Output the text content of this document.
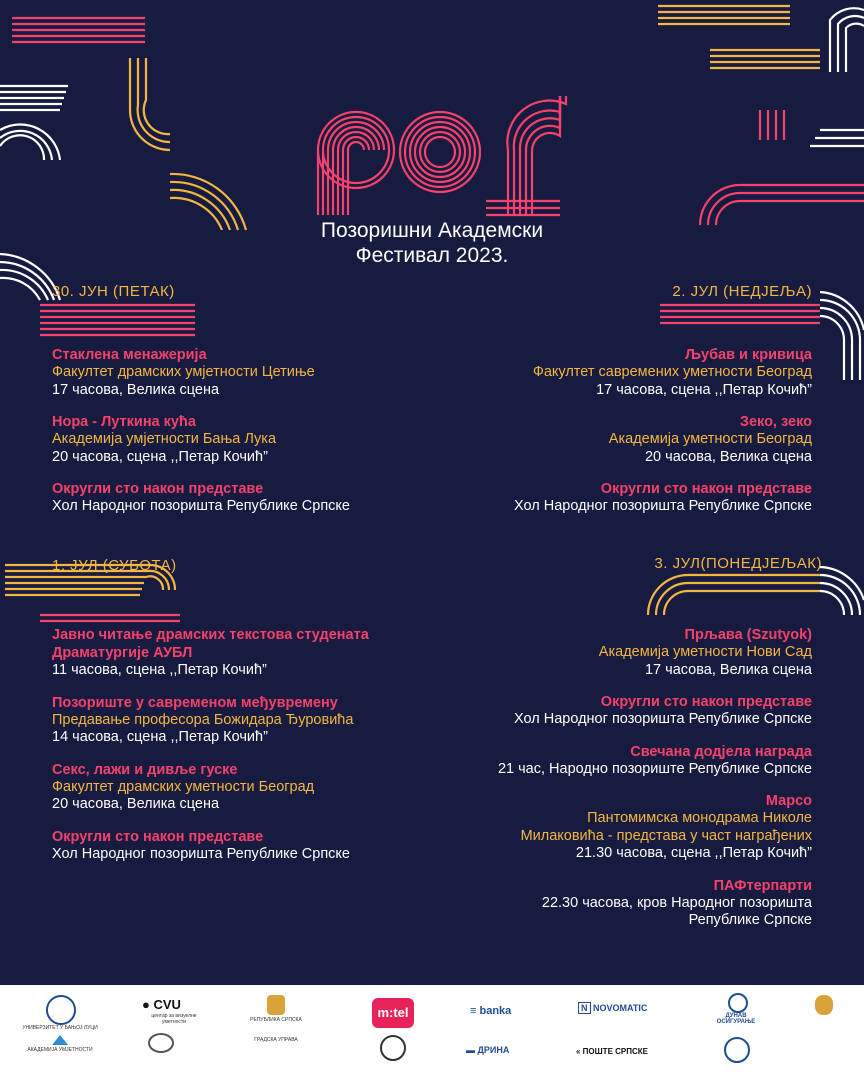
Позоришни Академски
Фестивал 2023.
30. ЈУН (ПЕТАК)
Стаклена менажерија
Факултет драмских умјетности Цетиње
17 часова, Велика сцена
Нора - Луткина кућа
Академија умјетности Бања Лука
20 часова, сцена ,,Петар Кочић”
Округли сто након представе
Хол Народног позоришта Републике Српске
2. ЈУЛ (НЕДЈЕЉА)
Љубав и кривица
Факултет савремених уметности Београд
17 часова, сцена ,,Петар Кочић”
Зеко, зеко
Академија уметности Београд
20 часова, Велика сцена
Округли сто након представе
Хол Народног позоришта Републике Српске
1. ЈУЛ (СУБОТА)
Јавно читање драмских текстова студената
Драматургије АУБЛ
11 часова, сцена ,,Петар Кочић”
Позориште у савременом међувремену
Предавање професора Божидара Ђуровића
14 часова, сцена ,,Петар Кочић”
Секс, лажи и дивље гуске
Факултет драмских уметности Београд
20 часова, Велика сцена
Округли сто након представе
Хол Народног позоришта Републике Српске
3. ЈУЛ(ПОНЕДЈЕЉАК)
Прљава (Szutyok)
Академија уметности Нови Сад
17 часова, Велика сцена
Округли сто након представе
Хол Народног позоришта Републике Српске
Свечана додјела награда
21 час, Народно позориште Републике Српске
Марсо
Пантомимска монодрама Николе
Милаковића - представа у част награђених
21.30 часова, сцена ,,Петар Кочић”
ПАФтерпарти
22.30 часова, кров Народног позоришта
Републике Српске
УНИВЕРЗИТЕТ У БАЊОЈ ЛУЦИ
● CVU
центар за визуелне уметности	РЕПУБЛИКА СРПСКА	m:tel	≡ banka	N NOVOMATIC
ДУНАВ ОСИГУРАЊЕ
АКАДЕМИЈА УМЈЕТНОСТИ
ГРАДСКА УПРАВА
▬ ДРИНА	« ПОШТЕ СРПСКЕ
